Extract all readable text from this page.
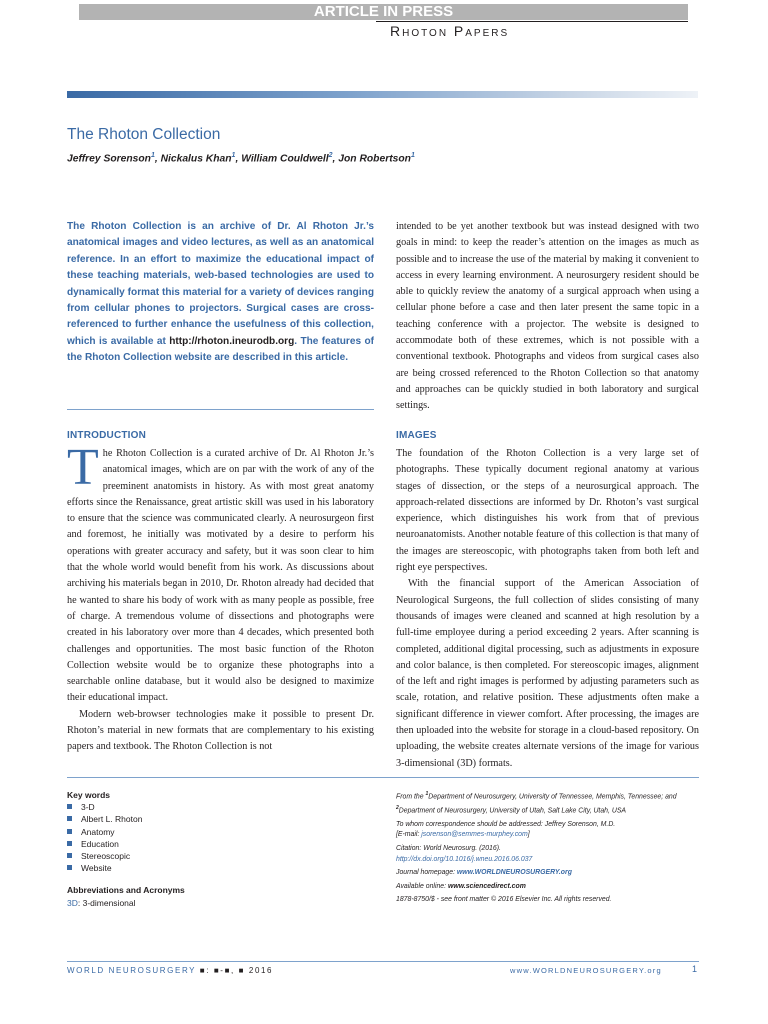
ARTICLE IN PRESS
Rhoton Papers
The Rhoton Collection
Jeffrey Sorenson$^1$, Nickalus Khan$^1$, William Couldwell$^2$, Jon Robertson$^1$

The Rhoton Collection is an archive of Dr. Al Rhoton Jr.’s anatomical images and video lectures, as well as an anatomical reference. In an effort to maximize the educational impact of these teaching materials, web-based technologies are used to dynamically format this material for a variety of devices ranging from cellular phones to projectors. Surgical cases are cross-referenced to further enhance the usefulness of this collection, which is available at http://rhoton.ineurodb.org. The features of the Rhoton Collection website are described in this article.

intended to be yet another textbook but was instead designed with two goals in mind: to keep the reader’s attention on the images as much as possible and to increase the use of the material by making it convenient to access in every learning environment. A neurosurgery resident should be able to quickly review the anatomy of a surgical approach when using a cellular phone before a case and then later present the same topic in a teaching conference with a projector. The website is designed to accommodate both of these extremes, which is not possible with a conventional textbook. Photographs and videos from surgical cases also are being crossed referenced to the Rhoton Collection so that anatomy and approaches can be quickly studied in both laboratory and surgical settings.

INTRODUCTION

The Rhoton Collection is a curated archive of Dr. Al Rhoton Jr.’s anatomical images, which are on par with the work of any of the preeminent anatomists in history. As with most great anatomy efforts since the Renaissance, great artistic skill was used in his laboratory to ensure that the science was communicated clearly. A neurosurgeon first and foremost, he initially was motivated by a desire to perform his operations with greater accuracy and safety, but it was soon clear to him that the whole world would benefit from his work. As discussions about archiving his materials began in 2010, Dr. Rhoton already had decided that he wanted to share his body of work with as many people as possible, free of charge. A tremendous volume of dissections and photographs were created in his laboratory over more than 4 decades, which presented both challenges and opportunities. The most basic function of the Rhoton Collection website would be to organize these photographs into a searchable online database, but it would also be designed to maximize their educational impact.

Modern web-browser technologies make it possible to present Dr. Rhoton’s material in new formats that are complementary to his existing papers and textbook. The Rhoton Collection is not

IMAGES

The foundation of the Rhoton Collection is a very large set of photographs. These typically document regional anatomy at various stages of dissection, or the steps of a neurosurgical approach. The approach-related dissections are informed by Dr. Rhoton’s vast surgical experience, which distinguishes his work from that of previous neuroanatomists. Another notable feature of this collection is that many of the images are stereoscopic, with photographs taken from both left and right eye perspectives.

With the financial support of the American Association of Neurological Surgeons, the full collection of slides consisting of many thousands of images were cleaned and scanned at high resolution by a full-time employee during a period exceeding 2 years. After scanning is completed, additional digital processing, such as adjustments in exposure and color balance, is then completed. For stereoscopic images, alignment of the left and right images is performed by adjusting parameters such as scale, rotation, and relative position. These adjustments often make a significant difference in viewer comfort. After processing, the images are then uploaded into the website for storage in a cloud-based repository. On uploading, the website creates alternate versions of the image for various 3-dimensional (3D) formats.

Key words
3-D
Albert L. Rhoton
Anatomy
Education
Stereoscopic
Website
Abbreviations and Acronyms
3D: 3-dimensional

From the $^1$Department of Neurosurgery, University of Tennessee, Memphis, Tennessee; and
$^2$Department of Neurosurgery, University of Utah, Salt Lake City, Utah, USA

To whom correspondence should be addressed: Jeffrey Sorenson, M.D.
[E-mail: jsorenson@semmes-murphey.com]

Citation: World Neurosurg. (2016).
http://dx.doi.org/10.1016/j.wneu.2016.06.037

Journal homepage: www.WORLDNEUROSURGERY.org

Available online: www.sciencedirect.com

1878-8750/$ - see front matter © 2016 Elsevier Inc. All rights reserved.

WORLD NEUROSURGERY ■: ■-■, ■ 2016	www.WORLDNEUROSURGERY.org	1
